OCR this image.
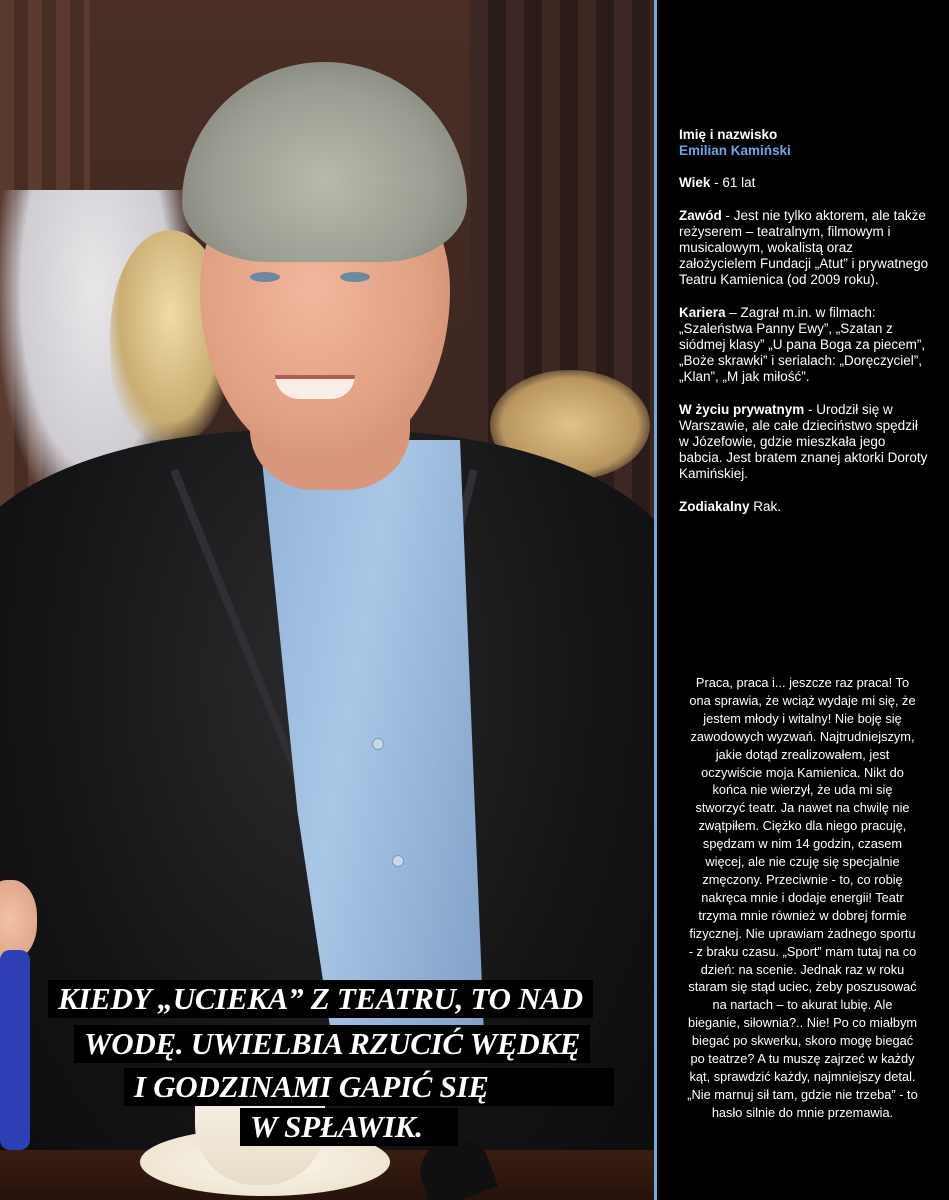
KIEDY „UCIEKA” Z TEATRU, TO NAD
WODĘ. UWIELBIA RZUCIĆ WĘDKĘ
I GODZINAMI GAPIĆ SIĘ
W SPŁAWIK.

Imię i nazwisko
Emilian Kamiński

Wiek - 61 lat

Zawód - Jest nie tylko aktorem, ale także reżyserem – teatralnym, filmowym i musicalowym, wokalistą oraz założycielem Fundacji „Atut” i prywatnego Teatru Kamienica (od 2009 roku).

Kariera – Zagrał m.in. w filmach: „Szaleństwa Panny Ewy”, „Szatan z siódmej klasy” „U pana Boga za piecem”, „Boże skrawki” i serialach: „Doręczyciel”, „Klan”, „M jak miłość”.

W życiu prywatnym - Urodził się w Warszawie, ale całe dzieciństwo spędził w Józefowie, gdzie mieszkała jego babcia. Jest bratem znanej aktorki Doroty Kamińskiej.

Zodiakalny Rak.

Praca, praca i... jeszcze raz praca! To ona sprawia, że wciąż wydaje mi się, że jestem młody i witalny! Nie boję się zawodowych wyzwań. Najtrudniejszym, jakie dotąd zrealizowałem, jest oczywiście moja Kamienica. Nikt do końca nie wierzył, że uda mi się stworzyć teatr. Ja nawet na chwilę nie zwątpiłem. Ciężko dla niego pracuję, spędzam w nim 14 godzin, czasem więcej, ale nie czuję się specjalnie zmęczony. Przeciwnie - to, co robię nakręca mnie i dodaje energii! Teatr trzyma mnie również w dobrej formie fizycznej. Nie uprawiam żadnego sportu - z braku czasu. „Sport” mam tutaj na co dzień: na scenie. Jednak raz w roku staram się stąd uciec, żeby poszusować na nartach – to akurat lubię. Ale bieganie, siłownia?.. Nie! Po co miałbym biegać po skwerku, skoro mogę biegać po teatrze? A tu muszę zajrzeć w każdy kąt, sprawdzić każdy, najmniejszy detal. „Nie marnuj sił tam, gdzie nie trzeba” - to hasło silnie do mnie przemawia.
